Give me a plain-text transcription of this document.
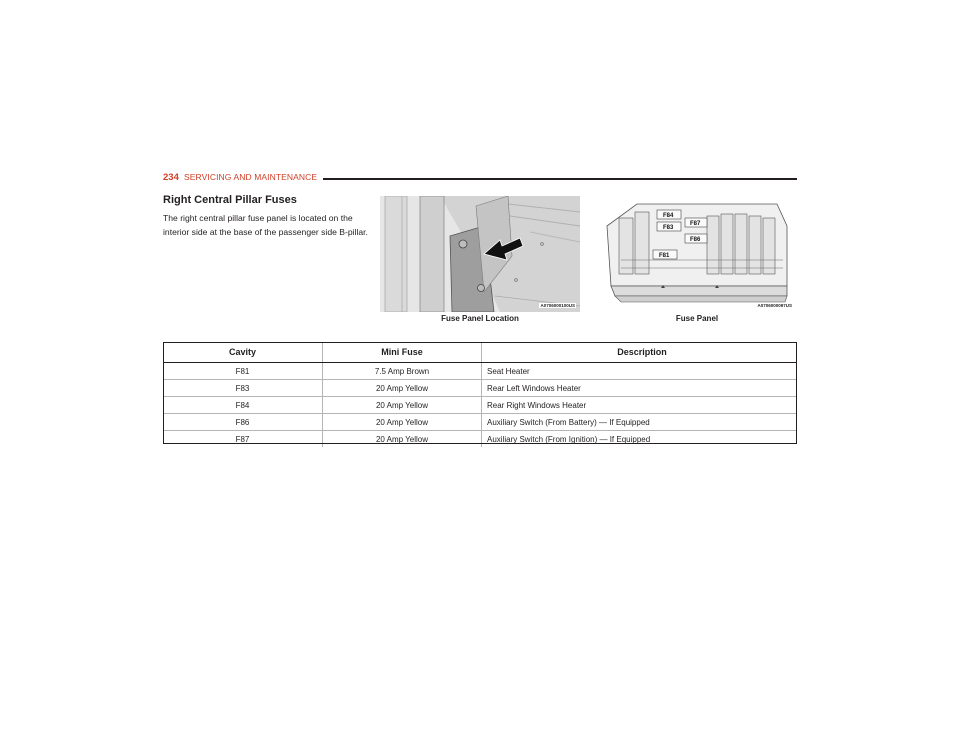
234 SERVICING AND MAINTENANCE
Right Central Pillar Fuses

The right central pillar fuse panel is located on the interior side at the base of the passenger side B-pillar.

A0706000100US
Fuse Panel Location
F84
F83
F87
F86
F81
A0706000097US
Fuse Panel
Cavity	Mini Fuse	Description
F81	7.5 Amp Brown	Seat Heater
F83	20 Amp Yellow	Rear Left Windows Heater
F84	20 Amp Yellow	Rear Right Windows Heater
F86	20 Amp Yellow	Auxiliary Switch (From Battery) — If Equipped
F87	20 Amp Yellow	Auxiliary Switch (From Ignition) — If Equipped
